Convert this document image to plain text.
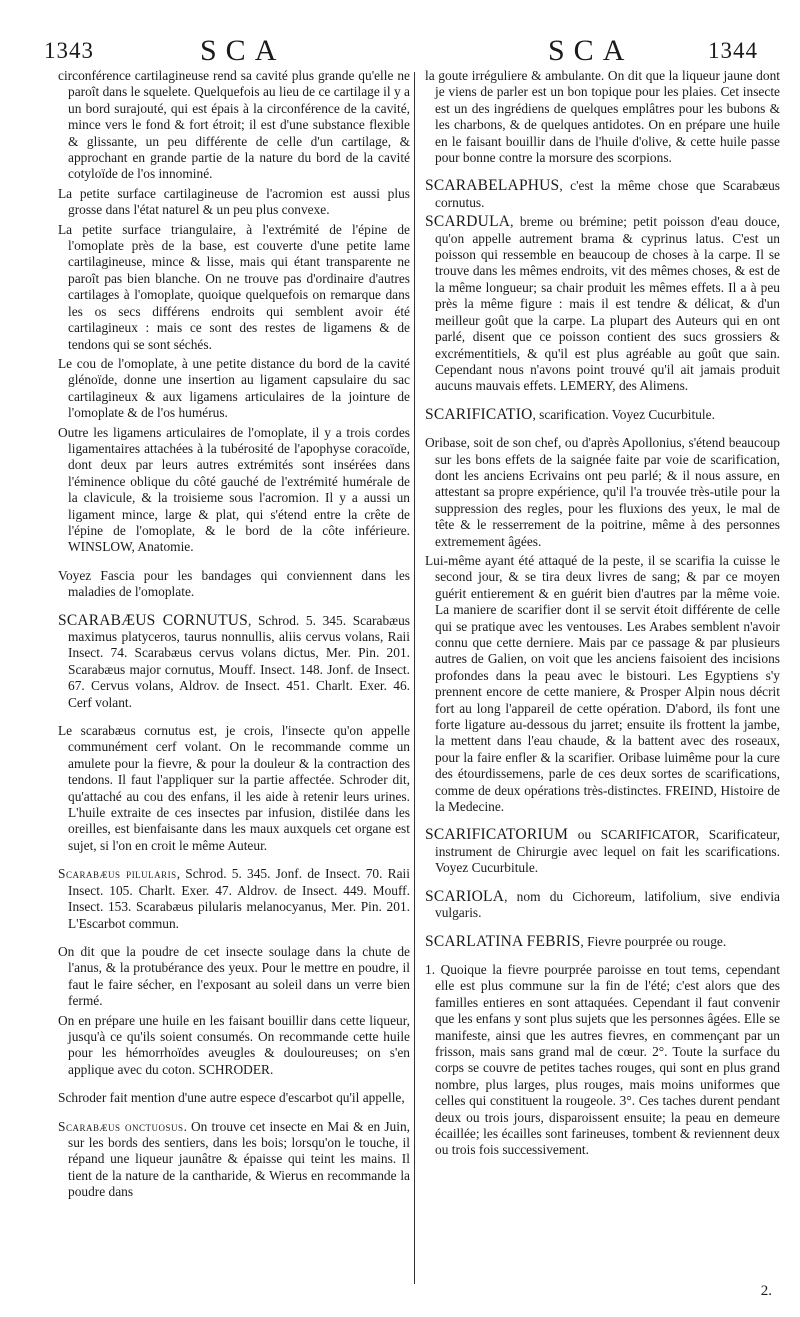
1343	SCA	SCA	1344

circonférence cartilagineuse rend sa cavité plus grande qu'elle ne paroît dans le squelete. Quelquefois au lieu de ce cartilage il y a un bord surajouté, qui est épais à la circonférence de la cavité, mince vers le fond & fort étroit; il est d'une substance flexible & glissante, un peu différente de celle d'un cartilage, & approchant en grande partie de la nature du bord de la cavité cotyloïde de l'os innominé.

La petite surface cartilagineuse de l'acromion est aussi plus grosse dans l'état naturel & un peu plus convexe.

La petite surface triangulaire, à l'extrémité de l'épine de l'omoplate près de la base, est couverte d'une petite lame cartilagineuse, mince & lisse, mais qui étant transparente ne paroît pas bien blanche. On ne trouve pas d'ordinaire d'autres cartilages à l'omoplate, quoique quelquefois on remarque dans les os secs différens endroits qui semblent avoir été cartilagineux : mais ce sont des restes de ligamens & de tendons qui se sont séchés.

Le cou de l'omoplate, à une petite distance du bord de la cavité glénoïde, donne une insertion au ligament capsulaire du sac cartilagineux & aux ligamens articulaires de la jointure de l'omoplate & de l'os humérus.

Outre les ligamens articulaires de l'omoplate, il y a trois cordes ligamentaires attachées à la tubérosité de l'apophyse coracoïde, dont deux par leurs autres extrémités sont insérées dans l'éminence oblique du côté gauché de l'extrémité humérale de la clavicule, & la troisieme sous l'acromion. Il y a aussi un ligament mince, large & plat, qui s'étend entre la crête de l'épine de l'omoplate, & le bord de la côte inférieure. WINSLOW, Anatomie.

Voyez Fascia pour les bandages qui conviennent dans les maladies de l'omoplate.

SCARABÆUS CORNUTUS, Schrod. 5. 345. Scarabæus maximus platyceros, taurus nonnullis, aliis cervus volans, Raii Insect. 74. Scarabæus cervus volans dictus, Mer. Pin. 201. Scarabæus major cornutus, Mouff. Insect. 148. Jonf. de Insect. 67. Cervus volans, Aldrov. de Insect. 451. Charlt. Exer. 46. Cerf volant.

Le scarabæus cornutus est, je crois, l'insecte qu'on appelle communément cerf volant. On le recommande comme un amulete pour la fievre, & pour la douleur & la contraction des tendons. Il faut l'appliquer sur la partie affectée. Schroder dit, qu'attaché au cou des enfans, il les aide à retenir leurs urines. L'huile extraite de ces insectes par infusion, distilée dans les oreilles, est bienfaisante dans les maux auxquels cet organe est sujet, si l'on en croit le même Auteur.

Scarabæus pilularis, Schrod. 5. 345. Jonf. de Insect. 70. Raii Insect. 105. Charlt. Exer. 47. Aldrov. de Insect. 449. Mouff. Insect. 153. Scarabæus pilularis melanocyanus, Mer. Pin. 201. L'Escarbot commun.

On dit que la poudre de cet insecte soulage dans la chute de l'anus, & la protubérance des yeux. Pour le mettre en poudre, il faut le faire sécher, en l'exposant au soleil dans un verre bien fermé.

On en prépare une huile en les faisant bouillir dans cette liqueur, jusqu'à ce qu'ils soient consumés. On recommande cette huile pour les hémorrhoïdes aveugles & douloureuses; on s'en applique avec du coton. SCHRODER.

Schroder fait mention d'une autre espece d'escarbot qu'il appelle,

Scarabæus onctuosus. On trouve cet insecte en Mai & en Juin, sur les bords des sentiers, dans les bois; lorsqu'on le touche, il répand une liqueur jaunâtre & épaisse qui teint les mains. Il tient de la nature de la cantharide, & Wierus en recommande la poudre dans

la goute irréguliere & ambulante. On dit que la liqueur jaune dont je viens de parler est un bon topique pour les plaies. Cet insecte est un des ingrédiens de quelques emplâtres pour les bubons & les charbons, & de quelques antidotes. On en prépare une huile en le faisant bouillir dans de l'huile d'olive, & cette huile passe pour bonne contre la morsure des scorpions.

SCARABELAPHUS, c'est la même chose que Scarabæus cornutus.

SCARDULA, breme ou brémine; petit poisson d'eau douce, qu'on appelle autrement brama & cyprinus latus. C'est un poisson qui ressemble en beaucoup de choses à la carpe. Il se trouve dans les mêmes endroits, vit des mêmes choses, & est de la même longueur; sa chair produit les mêmes effets. Il a à peu près la même figure : mais il est tendre & délicat, & d'un meilleur goût que la carpe. La plupart des Auteurs qui en ont parlé, disent que ce poisson contient des sucs grossiers & excrémentitiels, & qu'il est plus agréable au goût que sain. Cependant nous n'avons point trouvé qu'il ait jamais produit aucuns mauvais effets. LEMERY, des Alimens.

SCARIFICATIO, scarification. Voyez Cucurbitule.

Oribase, soit de son chef, ou d'après Apollonius, s'étend beaucoup sur les bons effets de la saignée faite par voie de scarification, dont les anciens Ecrivains ont peu parlé; & il nous assure, en attestant sa propre expérience, qu'il l'a trouvée très-utile pour la suppression des regles, pour les fluxions des yeux, le mal de tête & le resserrement de la poitrine, même à des personnes extremement âgées.

Lui-même ayant été attaqué de la peste, il se scarifia la cuisse le second jour, & se tira deux livres de sang; & par ce moyen guérit entierement & en guérit bien d'autres par la même voie. La maniere de scarifier dont il se servit étoit différente de celle qui se pratique avec les ventouses. Les Arabes semblent n'avoir connu que cette derniere. Mais par ce passage & par plusieurs autres de Galien, on voit que les anciens faisoient des incisions profondes dans la peau avec le bistouri. Les Egyptiens s'y prennent encore de cette maniere, & Prosper Alpin nous décrit fort au long l'appareil de cette opération. D'abord, ils font une forte ligature au-dessous du jarret; ensuite ils frottent la jambe, la mettent dans l'eau chaude, & la battent avec des roseaux, pour la faire enfler & la scarifier. Oribase luimême pour la cure des étourdissemens, parle de ces deux sortes de scarifications, comme de deux opérations très-distinctes. FREIND, Histoire de la Medecine.

SCARIFICATORIUM ou SCARIFICATOR, Scarificateur, instrument de Chirurgie avec lequel on fait les scarifications. Voyez Cucurbitule.

SCARIOLA, nom du Cichoreum, latifolium, sive endivia vulgaris.

SCARLATINA FEBRIS, Fievre pourprée ou rouge.

1. Quoique la fievre pourprée paroisse en tout tems, cependant elle est plus commune sur la fin de l'été; c'est alors que des familles entieres en sont attaquées. Cependant il faut convenir que les enfans y sont plus sujets que les personnes âgées. Elle se manifeste, ainsi que les autres fievres, en commençant par un frisson, mais sans grand mal de cœur. 2°. Toute la surface du corps se couvre de petites taches rouges, qui sont en plus grand nombre, plus larges, plus rouges, mais moins uniformes que celles qui constituent la rougeole. 3°. Ces taches durent pendant deux ou trois jours, disparoissent ensuite; la peau en demeure écaillée; les écailles sont farineuses, tombent & reviennent deux ou trois fois successivement.

2.
